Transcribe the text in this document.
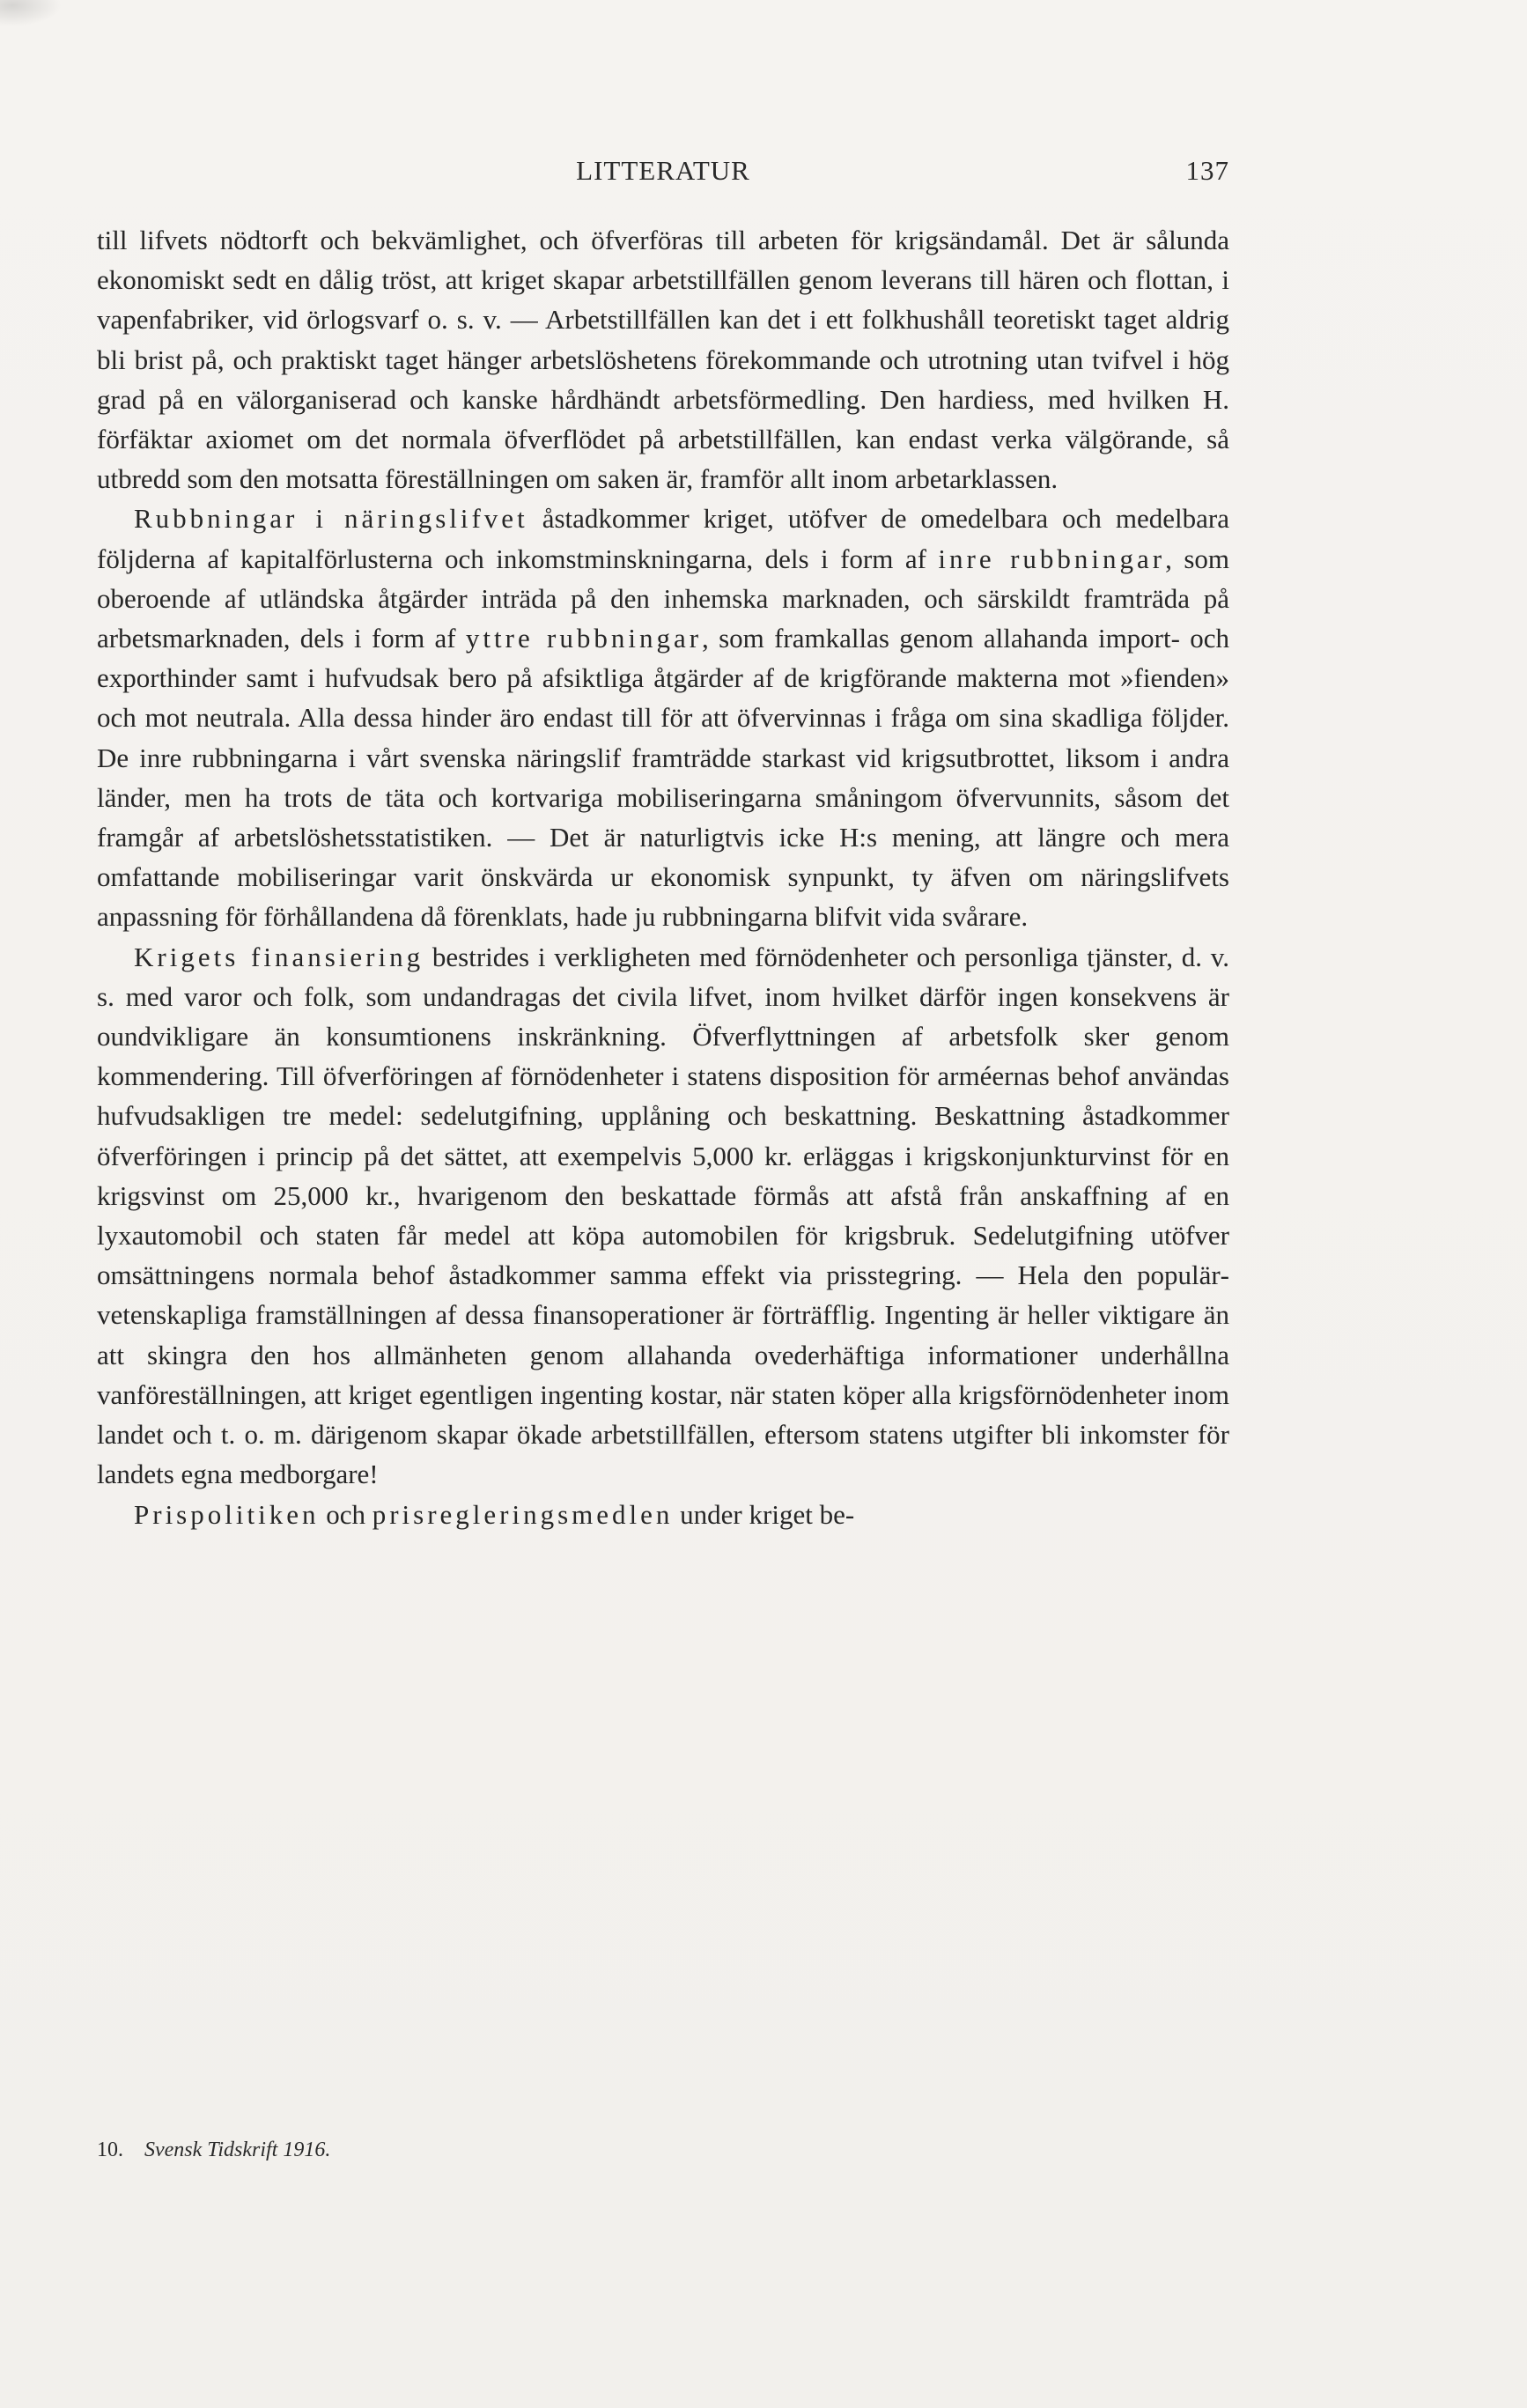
LITTERATUR	137

till lifvets nödtorft och bekvämlighet, och öfverföras till arbeten för krigsändamål. Det är sålunda ekonomiskt sedt en dålig tröst, att kriget skapar arbetstillfällen genom leverans till hären och flottan, i vapenfabriker, vid örlogsvarf o. s. v. — Arbetstillfällen kan det i ett folkhushåll teoretiskt taget aldrig bli brist på, och praktiskt taget hänger arbetslöshetens förekommande och utrotning utan tvifvel i hög grad på en välorganiserad och kanske hårdhändt arbetsförmedling. Den hardiess, med hvilken H. förfäktar axiomet om det normala öfverflödet på arbetstillfällen, kan endast verka välgörande, så utbredd som den motsatta föreställningen om saken är, framför allt inom arbetarklassen.

Rubbningar i näringslifvet åstadkommer kriget, utöfver de omedelbara och medelbara följderna af kapitalförlusterna och inkomstminskningarna, dels i form af inre rubbningar, som oberoende af utländska åtgärder inträda på den inhemska marknaden, och särskildt framträda på arbetsmarknaden, dels i form af yttre rubbningar, som framkallas genom allahanda import- och exporthinder samt i hufvudsak bero på afsiktliga åtgärder af de krigförande makterna mot »fienden» och mot neutrala. Alla dessa hinder äro endast till för att öfvervinnas i fråga om sina skadliga följder. De inre rubbningarna i vårt svenska näringslif framträdde starkast vid krigsutbrottet, liksom i andra länder, men ha trots de täta och kortvariga mobiliseringarna småningom öfvervunnits, såsom det framgår af arbetslöshetsstatistiken. — Det är naturligtvis icke H:s mening, att längre och mera omfattande mobiliseringar varit önskvärda ur ekonomisk synpunkt, ty äfven om näringslifvets anpassning för förhållandena då förenklats, hade ju rubbningarna blifvit vida svårare.

Krigets finansiering bestrides i verkligheten med förnödenheter och personliga tjänster, d. v. s. med varor och folk, som undandragas det civila lifvet, inom hvilket därför ingen konsekvens är oundvikligare än konsumtionens inskränkning. Öfverflyttningen af arbetsfolk sker genom kommendering. Till öfverföringen af förnödenheter i statens disposition för arméernas behof användas hufvudsakligen tre medel: sedelutgifning, upplåning och beskattning. Beskattning åstadkommer öfverföringen i princip på det sättet, att exempelvis 5,000 kr. erläggas i krigskonjunkturvinst för en krigsvinst om 25,000 kr., hvarigenom den beskattade förmås att afstå från anskaffning af en lyxautomobil och staten får medel att köpa automobilen för krigsbruk. Sedelutgifning utöfver omsättningens normala behof åstadkommer samma effekt via prisstegring. — Hela den populärvetenskapliga framställningen af dessa finansoperationer är förträfflig. Ingenting är heller viktigare än att skingra den hos allmänheten genom allahanda ovederhäftiga informationer underhållna vanföreställningen, att kriget egentligen ingenting kostar, när staten köper alla krigsförnödenheter inom landet och t. o. m. därigenom skapar ökade arbetstillfällen, eftersom statens utgifter bli inkomster för landets egna medborgare!

Prispolitiken och prisregleringsmedlen under kriget be-

10. Svensk Tidskrift 1916.
